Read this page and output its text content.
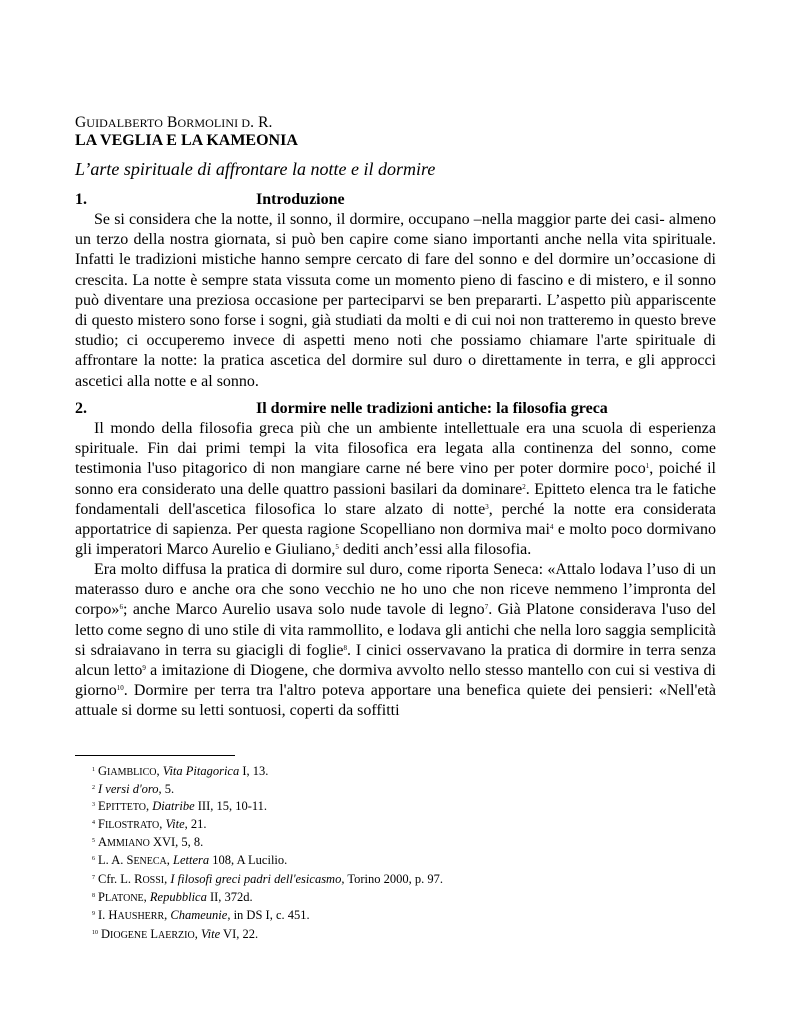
GUIDALBERTO BORMOLINI D. R.
LA VEGLIA E LA KAMEONIA
L’arte spirituale di affrontare la notte e il dormire
1.	Introduzione

Se si considera che la notte, il sonno, il dormire, occupano –nella maggior parte dei casi- almeno un terzo della nostra giornata, si può ben capire come siano importanti anche nella vita spirituale. Infatti le tradizioni mistiche hanno sempre cercato di fare del sonno e del dormire un’occasione di crescita. La notte è sempre stata vissuta come un momento pieno di fascino e di mistero, e il sonno può diventare una preziosa occasione per parteciparvi se ben prepararti. L’aspetto più appariscente di questo mistero sono forse i sogni, già studiati da molti e di cui noi non tratteremo in questo breve studio; ci occuperemo invece di aspetti meno noti che possiamo chiamare l'arte spirituale di affrontare la notte: la pratica ascetica del dormire sul duro o direttamente in terra, e gli approcci ascetici alla notte e al sonno.

2.	Il dormire nelle tradizioni antiche: la filosofia greca

Il mondo della filosofia greca più che un ambiente intellettuale era una scuola di esperienza spirituale. Fin dai primi tempi la vita filosofica era legata alla continenza del sonno, come testimonia l'uso pitagorico di non mangiare carne né bere vino per poter dormire poco$^1$, poiché il sonno era considerato una delle quattro passioni basilari da dominare$^2$. Epitteto elenca tra le fatiche fondamentali dell'ascetica filosofica lo stare alzato di notte$^3$, perché la notte era considerata apportatrice di sapienza. Per questa ragione Scopelliano non dormiva mai$^4$ e molto poco dormivano gli imperatori Marco Aurelio e Giuliano,$^5$ dediti anch’essi alla filosofia.

Era molto diffusa la pratica di dormire sul duro, come riporta Seneca: «Attalo lodava l’uso di un materasso duro e anche ora che sono vecchio ne ho uno che non riceve nemmeno l’impronta del corpo»$^6$; anche Marco Aurelio usava solo nude tavole di legno$^7$. Già Platone considerava l'uso del letto come segno di uno stile di vita rammollito, e lodava gli antichi che nella loro saggia semplicità si sdraiavano in terra su giacigli di foglie$^8$. I cinici osservavano la pratica di dormire in terra senza alcun letto$^9$ a imitazione di Diogene, che dormiva avvolto nello stesso mantello con cui si vestiva di giorno$^{10}$. Dormire per terra tra l'altro poteva apportare una benefica quiete dei pensieri: «Nell'età attuale si dorme su letti sontuosi, coperti da soffitti

$^1$ GIAMBLICO, Vita Pitagorica I, 13.
$^2$ I versi d'oro, 5.
$^3$ EPITTETO, Diatribe III, 15, 10-11.
$^4$ FILOSTRATO, Vite, 21.
$^5$ AMMIANO XVI, 5, 8.
$^6$ L. A. SENECA, Lettera 108, A Lucilio.
$^7$ Cfr. L. ROSSI, I filosofi greci padri dell'esicasmo, Torino 2000, p. 97.
$^8$ PLATONE, Repubblica II, 372d.
$^9$ I. HAUSHERR, Chameunie, in DS I, c. 451.
$^{10}$ DIOGENE LAERZIO, Vite VI, 22.
